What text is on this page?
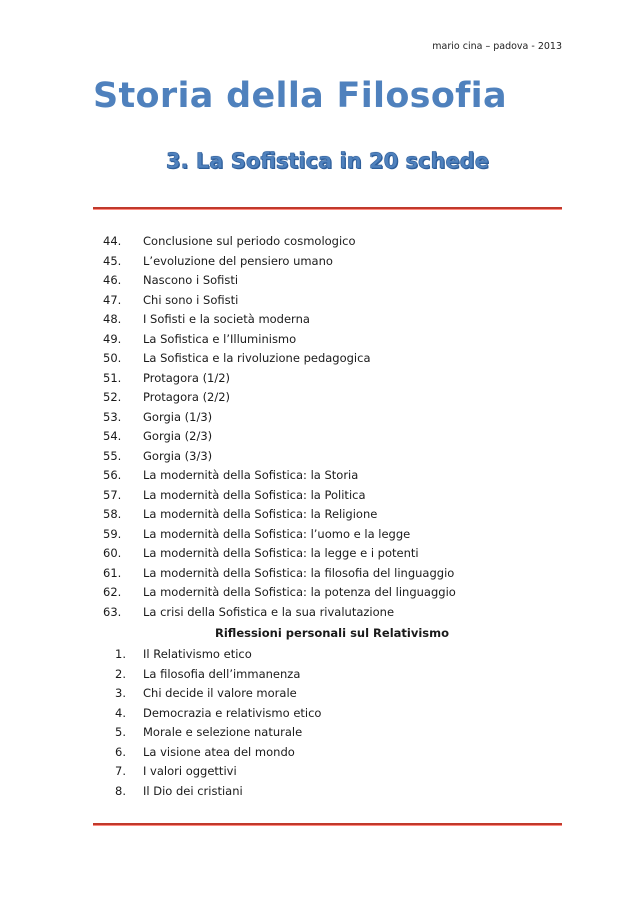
mario cina – padova - 2013
Storia della Filosofia
3. La Sofistica in 20 schede
44. Conclusione sul periodo cosmologico
45. L’evoluzione del pensiero umano
46. Nascono i Sofisti
47. Chi sono i Sofisti
48. I Sofisti e la società moderna
49. La Sofistica e l’Illuminismo
50. La Sofistica e la rivoluzione pedagogica
51. Protagora (1/2)
52. Protagora (2/2)
53. Gorgia (1/3)
54. Gorgia (2/3)
55. Gorgia (3/3)
56. La modernità della Sofistica: la Storia
57. La modernità della Sofistica: la Politica
58. La modernità della Sofistica: la Religione
59. La modernità della Sofistica: l’uomo e la legge
60. La modernità della Sofistica: la legge e i potenti
61. La modernità della Sofistica: la filosofia del linguaggio
62. La modernità della Sofistica: la potenza del linguaggio
63. La crisi della Sofistica e la sua rivalutazione
Riflessioni personali sul Relativismo
1. Il Relativismo etico
2. La filosofia dell’immanenza
3. Chi decide il valore morale
4. Democrazia e relativismo etico
5. Morale e selezione naturale
6. La visione atea del mondo
7. I valori oggettivi
8. Il Dio dei cristiani
